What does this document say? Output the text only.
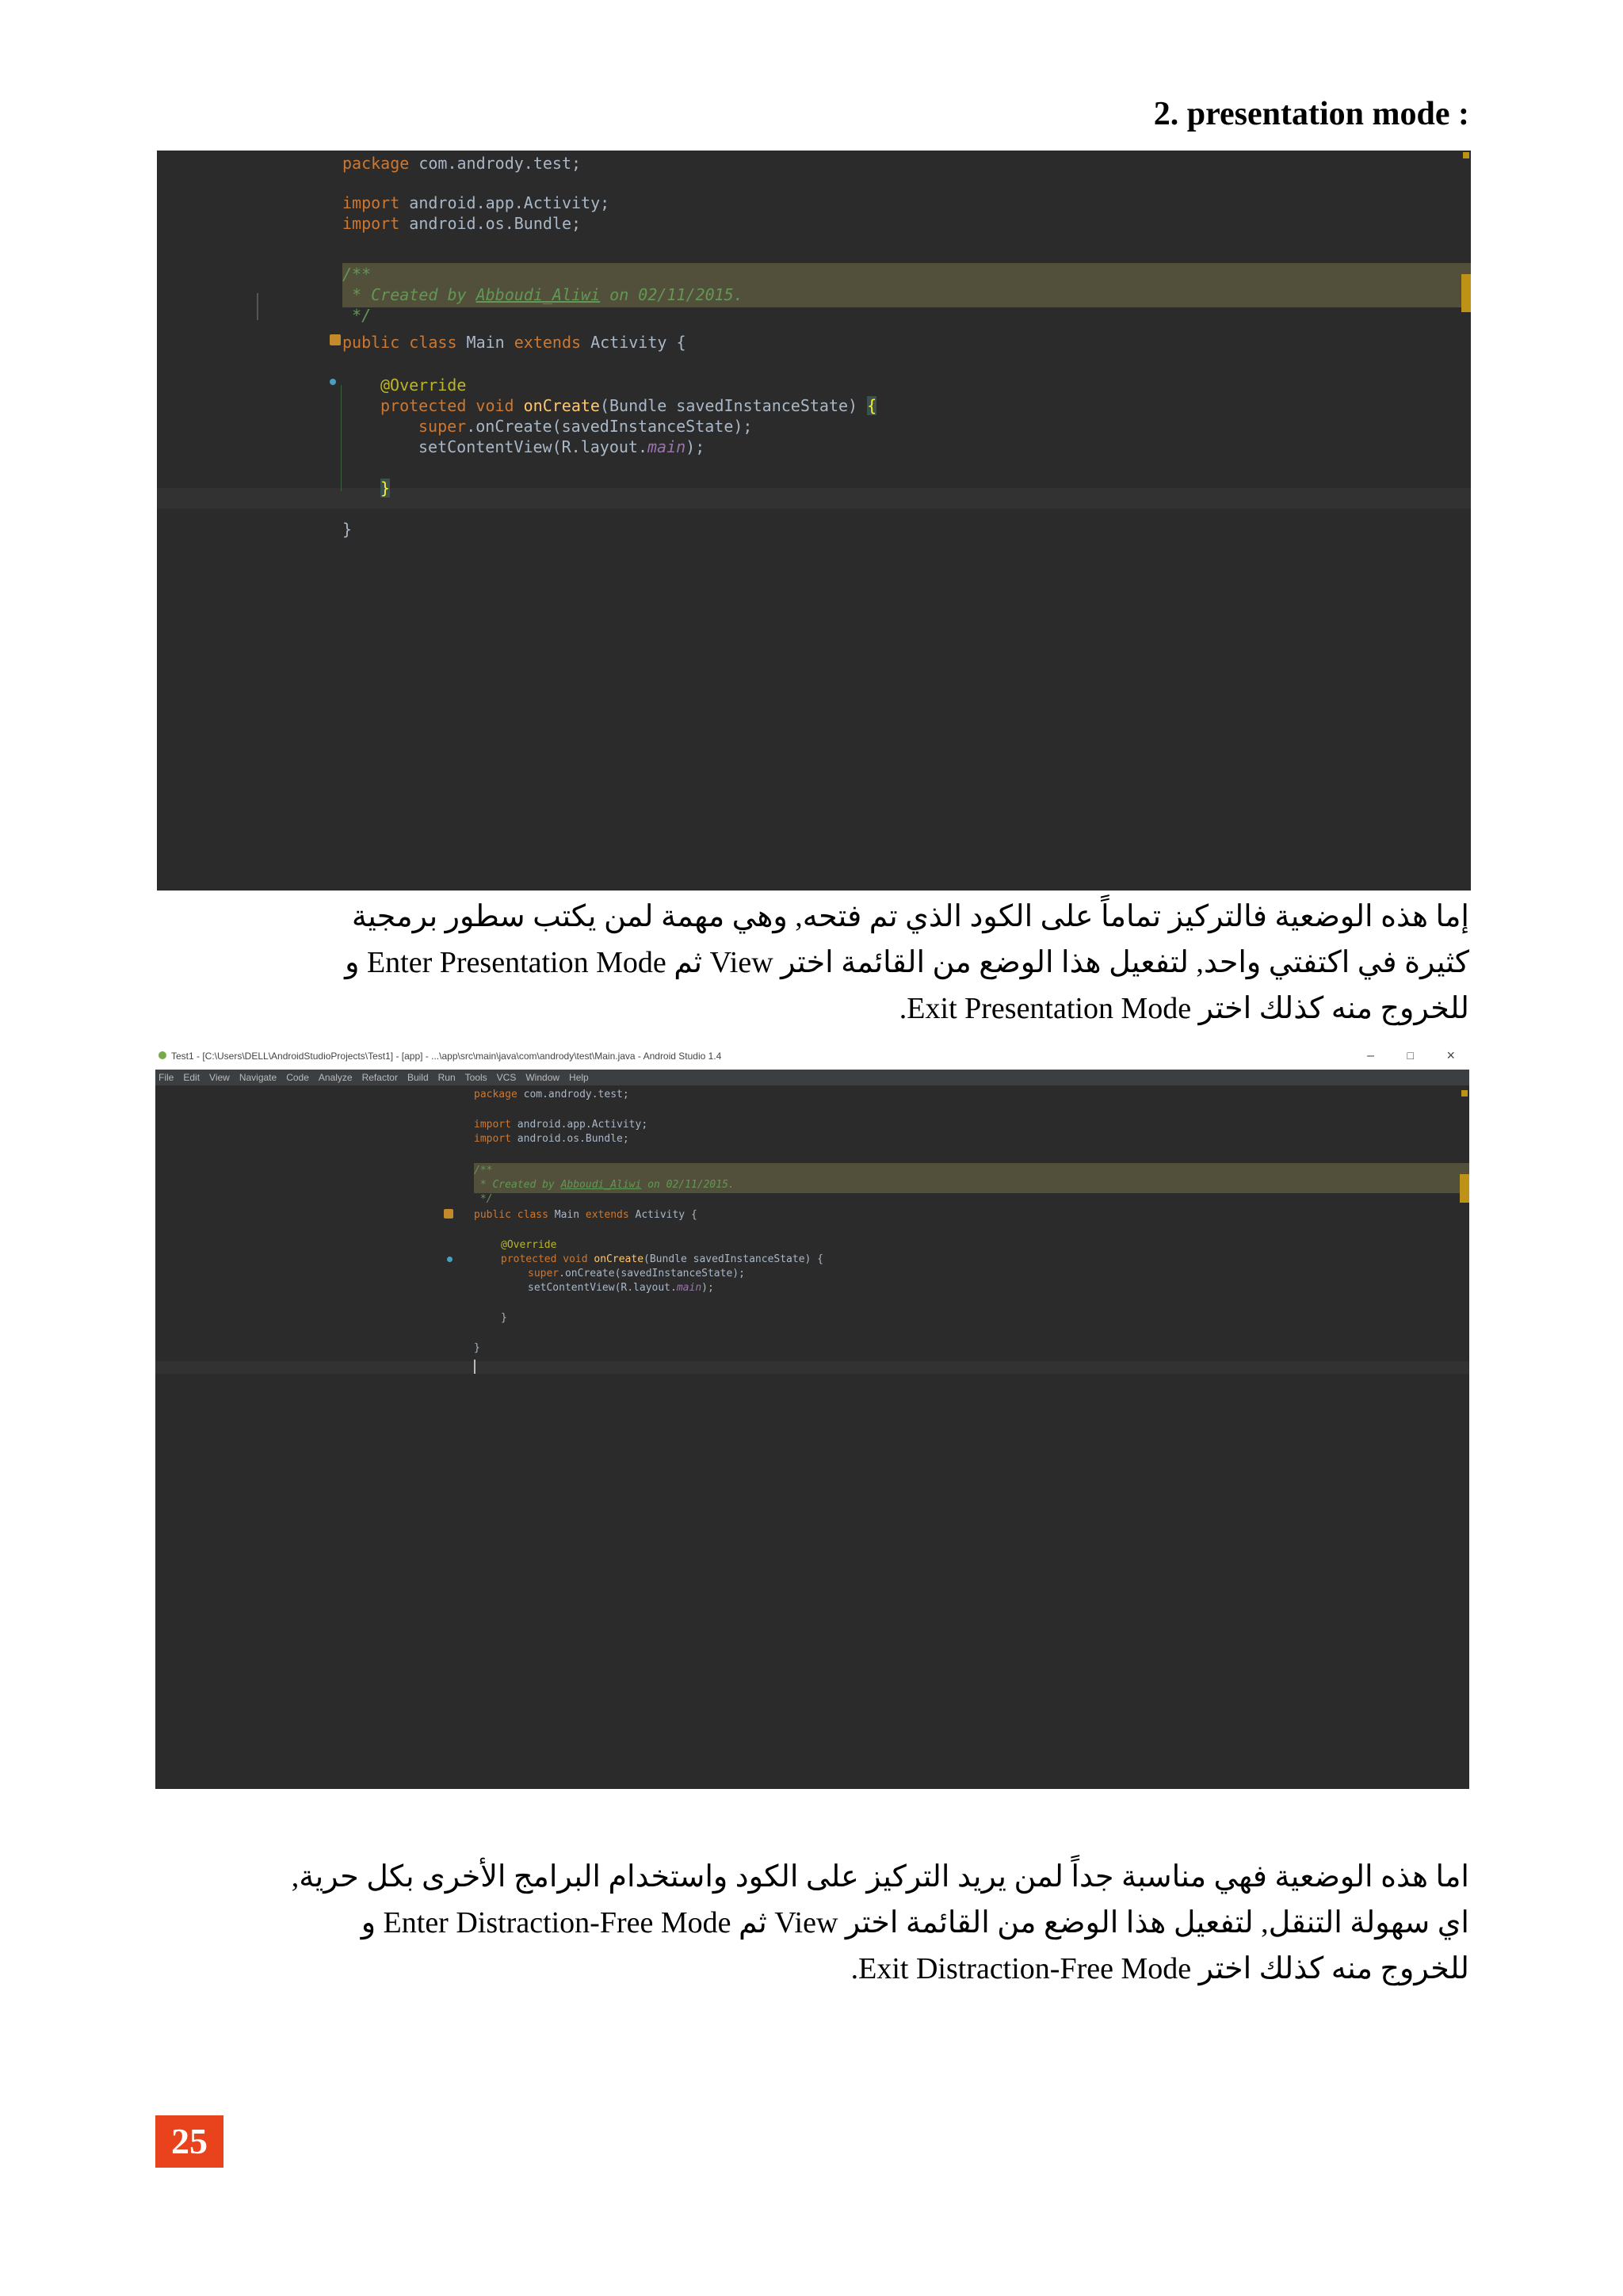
2. presentation mode :
package com.andrody.test;
import android.app.Activity;
import android.os.Bundle;
/**
* Created by Abboudi_Aliwi on 02/11/2015.
*/
public class Main extends Activity {
@Override
protected void onCreate(Bundle savedInstanceState) {
super.onCreate(savedInstanceState);
setContentView(R.layout.main);
}
}
إما هذه الوضعية فالتركيز تماماً على الكود الذي تم فتحه, وهي مهمة لمن يكتب سطور برمجية
كثيرة في اكتفتي واحد, لتفعيل هذا الوضع من القائمة اختر View ثم Enter Presentation Mode و
للخروج منه كذلك اختر Exit Presentation Mode.
Test1 - [C:\Users\DELL\AndroidStudioProjects\Test1] - [app] - ...\app\src\main\java\com\andrody\test\Main.java - Android Studio 1.4	–	□ ×
package com.andrody.test;
import android.app.Activity;
import android.os.Bundle;
/**
* Created by Abboudi_Aliwi on 02/11/2015.
*/
public class Main extends Activity {
@Override
protected void onCreate(Bundle savedInstanceState) {
super.onCreate(savedInstanceState);
setContentView(R.layout.main);
}
}
File Edit View Navigate Code Analyze Refactor Build Run Tools VCS Window Help
اما هذه الوضعية فهي مناسبة جداً لمن يريد التركيز على الكود واستخدام البرامج الأخرى بكل حرية,
اي سهولة التنقل, لتفعيل هذا الوضع من القائمة اختر View ثم Enter Distraction-Free Mode و
للخروج منه كذلك اختر Exit Distraction-Free Mode.
25
